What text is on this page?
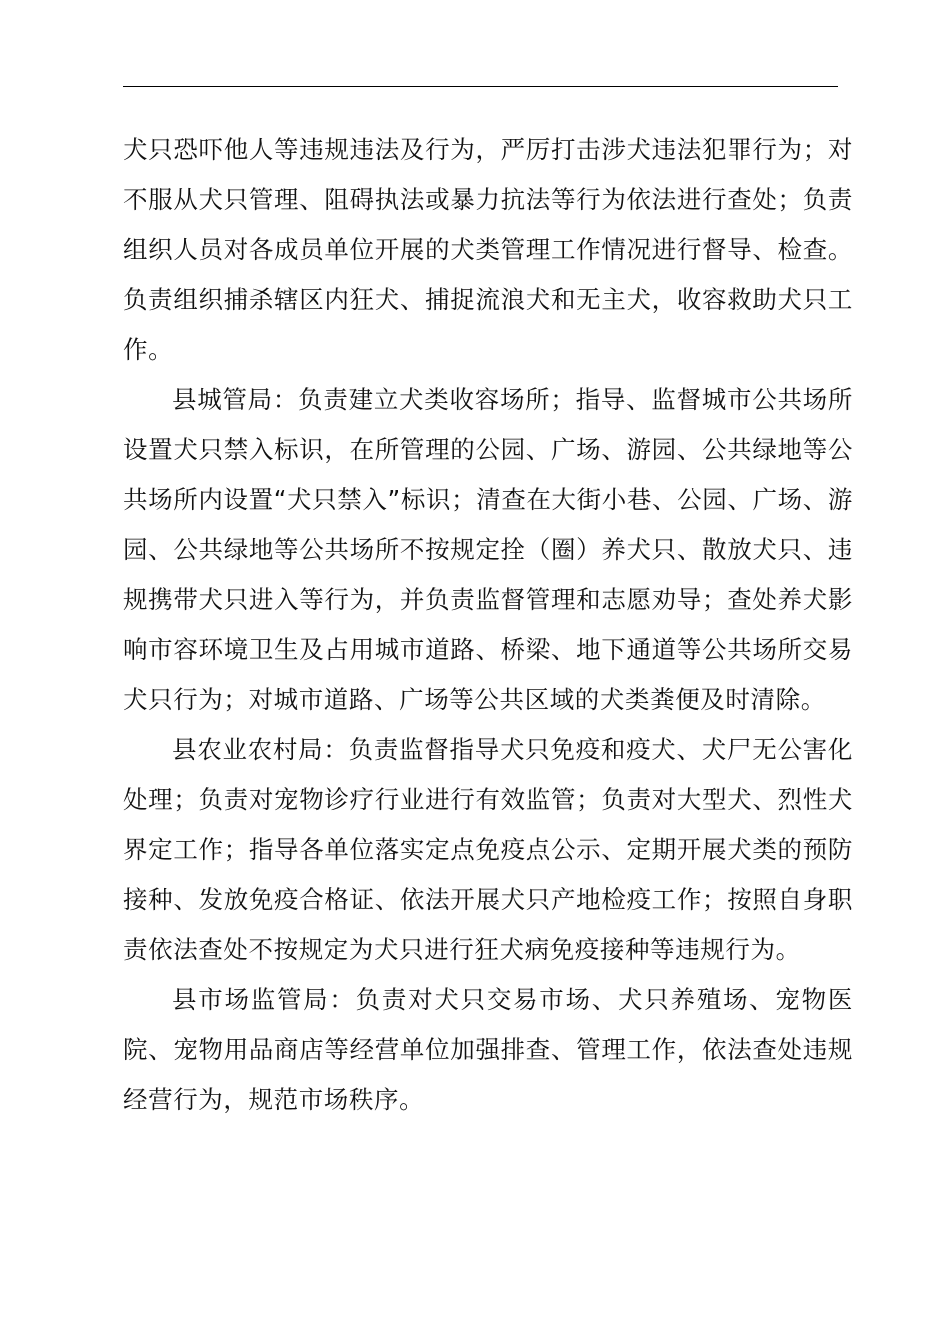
犬只恐吓他人等违规违法及行为，严厉打击涉犬违法犯罪行为；对不服从犬只管理、阻碍执法或暴力抗法等行为依法进行查处；负责组织人员对各成员单位开展的犬类管理工作情况进行督导、检查。负责组织捕杀辖区内狂犬、捕捉流浪犬和无主犬，收容救助犬只工作。

县城管局：负责建立犬类收容场所；指导、监督城市公共场所设置犬只禁入标识，在所管理的公园、广场、游园、公共绿地等公共场所内设置“犬只禁入”标识；清查在大街小巷、公园、广场、游园、公共绿地等公共场所不按规定拴（圈）养犬只、散放犬只、违规携带犬只进入等行为，并负责监督管理和志愿劝导；查处养犬影响市容环境卫生及占用城市道路、桥梁、地下通道等公共场所交易犬只行为；对城市道路、广场等公共区域的犬类粪便及时清除。

县农业农村局：负责监督指导犬只免疫和疫犬、犬尸无公害化处理；负责对宠物诊疗行业进行有效监管；负责对大型犬、烈性犬界定工作；指导各单位落实定点免疫点公示、定期开展犬类的预防接种、发放免疫合格证、依法开展犬只产地检疫工作；按照自身职责依法查处不按规定为犬只进行狂犬病免疫接种等违规行为。

县市场监管局：负责对犬只交易市场、犬只养殖场、宠物医院、宠物用品商店等经营单位加强排查、管理工作，依法查处违规经营行为，规范市场秩序。
